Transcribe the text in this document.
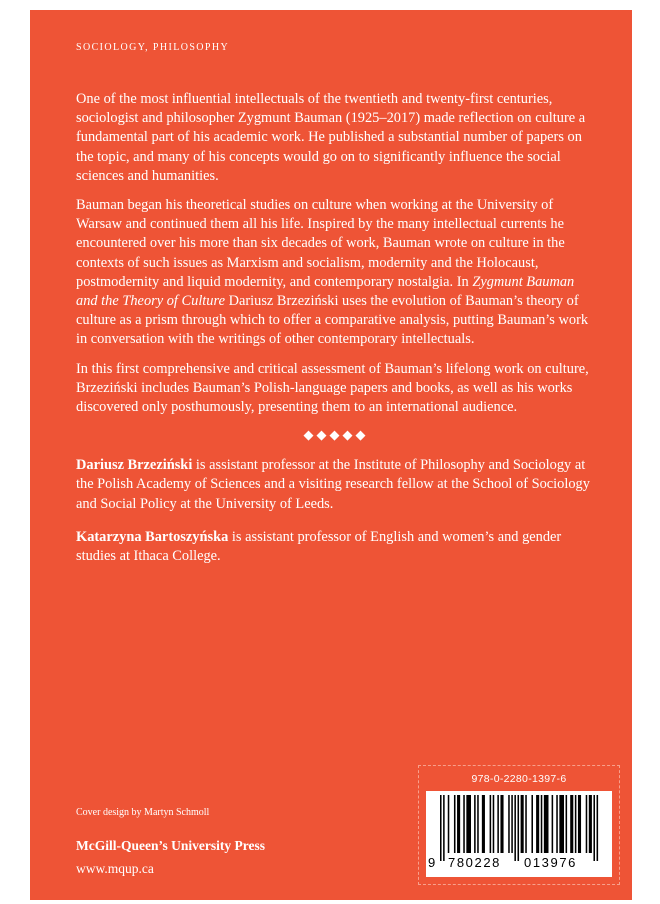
SOCIOLOGY, PHILOSOPHY

One of the most influential intellectuals of the twentieth and twenty-first centuries, sociologist and philosopher Zygmunt Bauman (1925–2017) made reflection on culture a fundamental part of his academic work. He published a substantial number of papers on the topic, and many of his concepts would go on to significantly influence the social sciences and humanities.

Bauman began his theoretical studies on culture when working at the University of Warsaw and continued them all his life. Inspired by the many intellectual currents he encountered over his more than six decades of work, Bauman wrote on culture in the contexts of such issues as Marxism and socialism, modernity and the Holocaust, postmodernity and liquid modernity, and contemporary nostalgia. In Zygmunt Bauman and the Theory of Culture Dariusz Brzeziński uses the evolution of Bauman’s theory of culture as a prism through which to offer a comparative analysis, putting Bauman’s work in conversation with the writings of other contemporary intellectuals.

In this first comprehensive and critical assessment of Bauman’s lifelong work on culture, Brzeziński includes Bauman’s Polish-language papers and books, as well as his works discovered only posthumously, presenting them to an international audience.

◆◆◆◆◆

Dariusz Brzeziński is assistant professor at the Institute of Philosophy and Sociology at the Polish Academy of Sciences and a visiting research fellow at the School of Sociology and Social Policy at the University of Leeds.

Katarzyna Bartoszyńska is assistant professor of English and women’s and gender studies at Ithaca College.

Cover design by Martyn Schmoll
McGill-Queen’s University Press
www.mqup.ca
978-0-2280-1397-6
9 780228 013976
